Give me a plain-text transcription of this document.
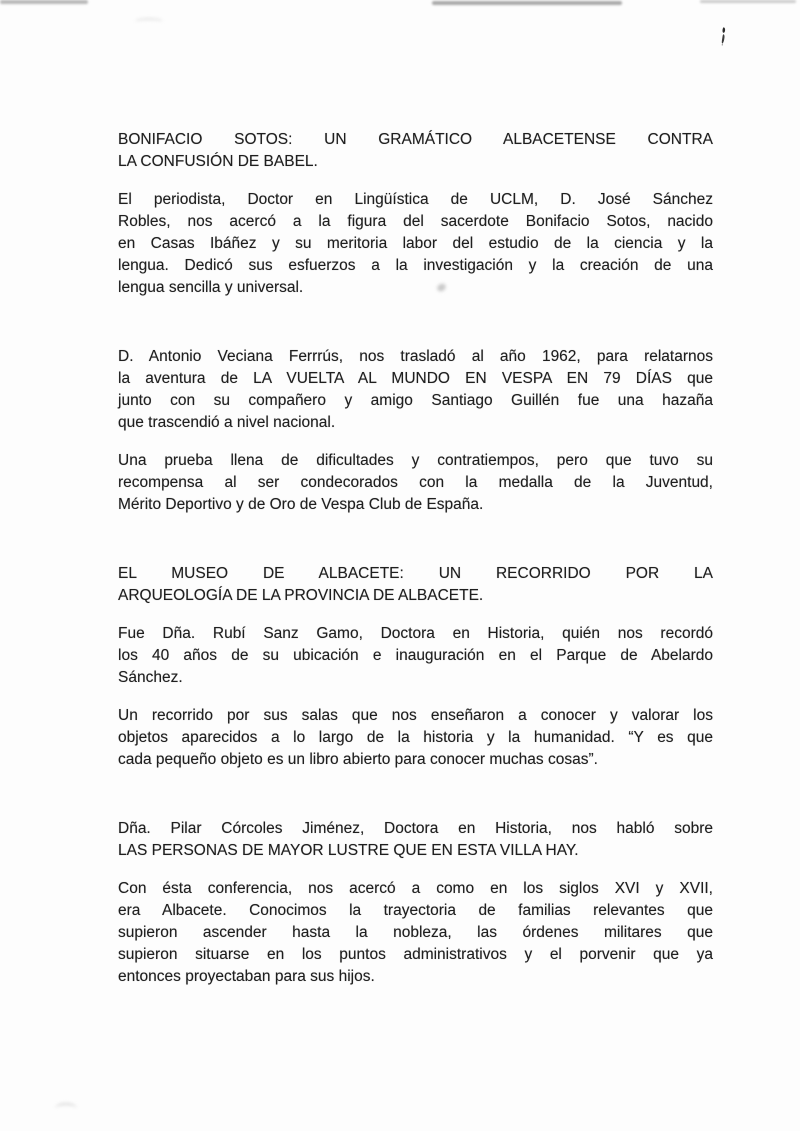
BONIFACIO SOTOS: UN GRAMÁTICO ALBACETENSE CONTRA
LA CONFUSIÓN DE BABEL.
El periodista, Doctor en Lingüística de UCLM, D. José Sánchez
Robles, nos acercó a la figura del sacerdote Bonifacio Sotos, nacido
en Casas Ibáñez y su meritoria labor del estudio de la ciencia y la
lengua. Dedicó sus esfuerzos a la investigación y la creación de una
lengua sencilla y universal.
D. Antonio Veciana Ferrrús, nos trasladó al año 1962, para relatarnos
la aventura de LA VUELTA AL MUNDO EN VESPA EN 79 DÍAS que
junto con su compañero y amigo Santiago Guillén fue una hazaña
que trascendió a nivel nacional.
Una prueba llena de dificultades y contratiempos, pero que tuvo su
recompensa al ser condecorados con la medalla de la Juventud,
Mérito Deportivo y de Oro de Vespa Club de España.
EL MUSEO DE ALBACETE: UN RECORRIDO POR LA
ARQUEOLOGÍA DE LA PROVINCIA DE ALBACETE.
Fue Dña. Rubí Sanz Gamo, Doctora en Historia, quién nos recordó
los 40 años de su ubicación e inauguración en el Parque de Abelardo
Sánchez.
Un recorrido por sus salas que nos enseñaron a conocer y valorar los
objetos aparecidos a lo largo de la historia y la humanidad. “Y es que
cada pequeño objeto es un libro abierto para conocer muchas cosas”.
Dña. Pilar Córcoles Jiménez, Doctora en Historia, nos habló sobre
LAS PERSONAS DE MAYOR LUSTRE QUE EN ESTA VILLA HAY.
Con ésta conferencia, nos acercó a como en los siglos XVI y XVII,
era Albacete. Conocimos la trayectoria de familias relevantes que
supieron ascender hasta la nobleza, las órdenes militares que
supieron situarse en los puntos administrativos y el porvenir que ya
entonces proyectaban para sus hijos.
